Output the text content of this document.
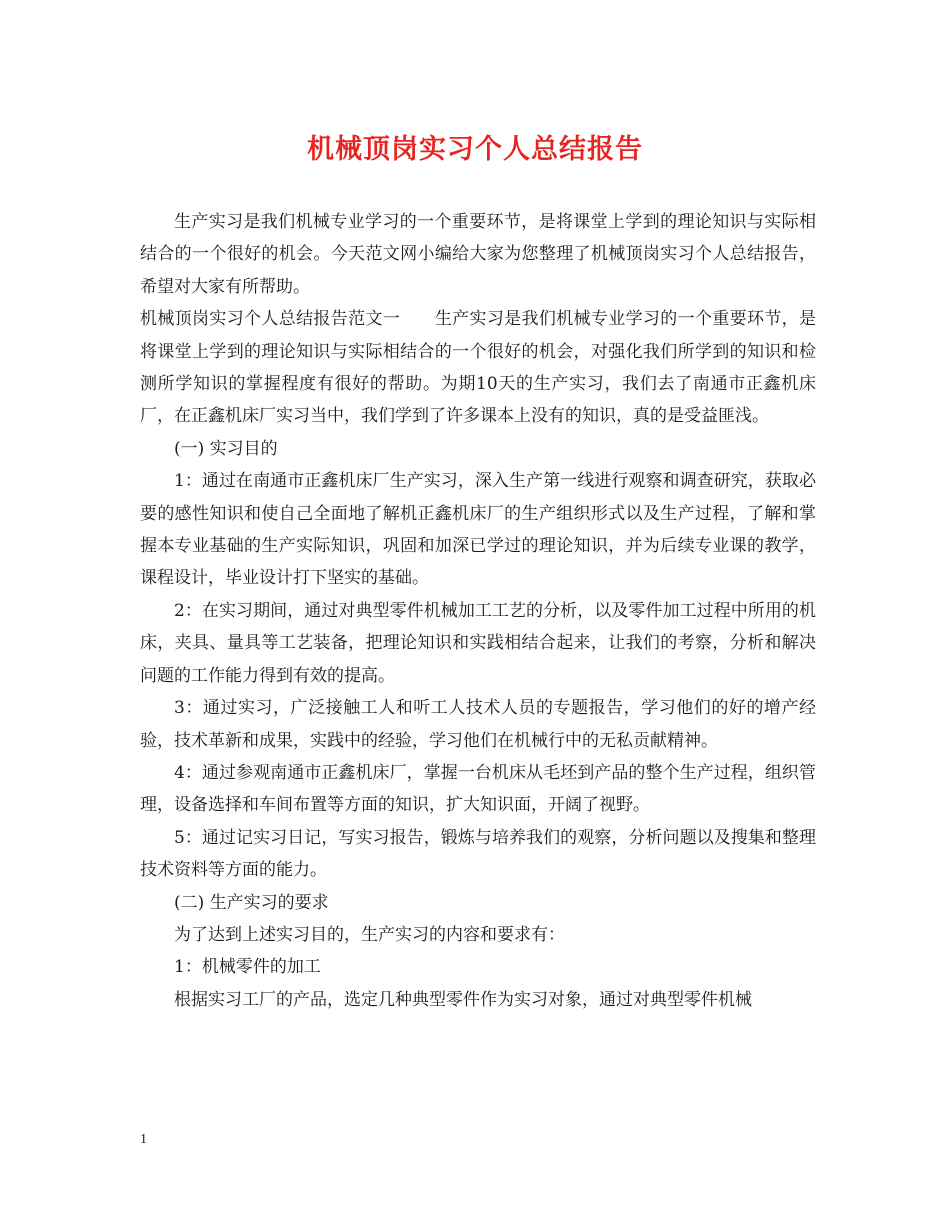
机械顶岗实习个人总结报告

生产实习是我们机械专业学习的一个重要环节，是将课堂上学到的理论知识与实际相结合的一个很好的机会。今天范文网小编给大家为您整理了机械顶岗实习个人总结报告，希望对大家有所帮助。

机械顶岗实习个人总结报告范文一　　生产实习是我们机械专业学习的一个重要环节，是将课堂上学到的理论知识与实际相结合的一个很好的机会，对强化我们所学到的知识和检测所学知识的掌握程度有很好的帮助。为期10天的生产实习，我们去了南通市正鑫机床厂，在正鑫机床厂实习当中，我们学到了许多课本上没有的知识，真的是受益匪浅。

(一) 实习目的

1：通过在南通市正鑫机床厂生产实习，深入生产第一线进行观察和调查研究，获取必要的感性知识和使自己全面地了解机正鑫机床厂的生产组织形式以及生产过程，了解和掌握本专业基础的生产实际知识，巩固和加深已学过的理论知识，并为后续专业课的教学，课程设计，毕业设计打下坚实的基础。

2：在实习期间，通过对典型零件机械加工工艺的分析，以及零件加工过程中所用的机床，夹具、量具等工艺装备，把理论知识和实践相结合起来，让我们的考察，分析和解决问题的工作能力得到有效的提高。

3：通过实习，广泛接触工人和听工人技术人员的专题报告，学习他们的好的增产经验，技术革新和成果，实践中的经验，学习他们在机械行中的无私贡献精神。

4：通过参观南通市正鑫机床厂，掌握一台机床从毛坯到产品的整个生产过程，组织管理，设备选择和车间布置等方面的知识，扩大知识面，开阔了视野。

5：通过记实习日记，写实习报告，锻炼与培养我们的观察，分析问题以及搜集和整理技术资料等方面的能力。

(二) 生产实习的要求

为了达到上述实习目的，生产实习的内容和要求有：

1：机械零件的加工

根据实习工厂的产品，选定几种典型零件作为实习对象，通过对典型零件机械

1
